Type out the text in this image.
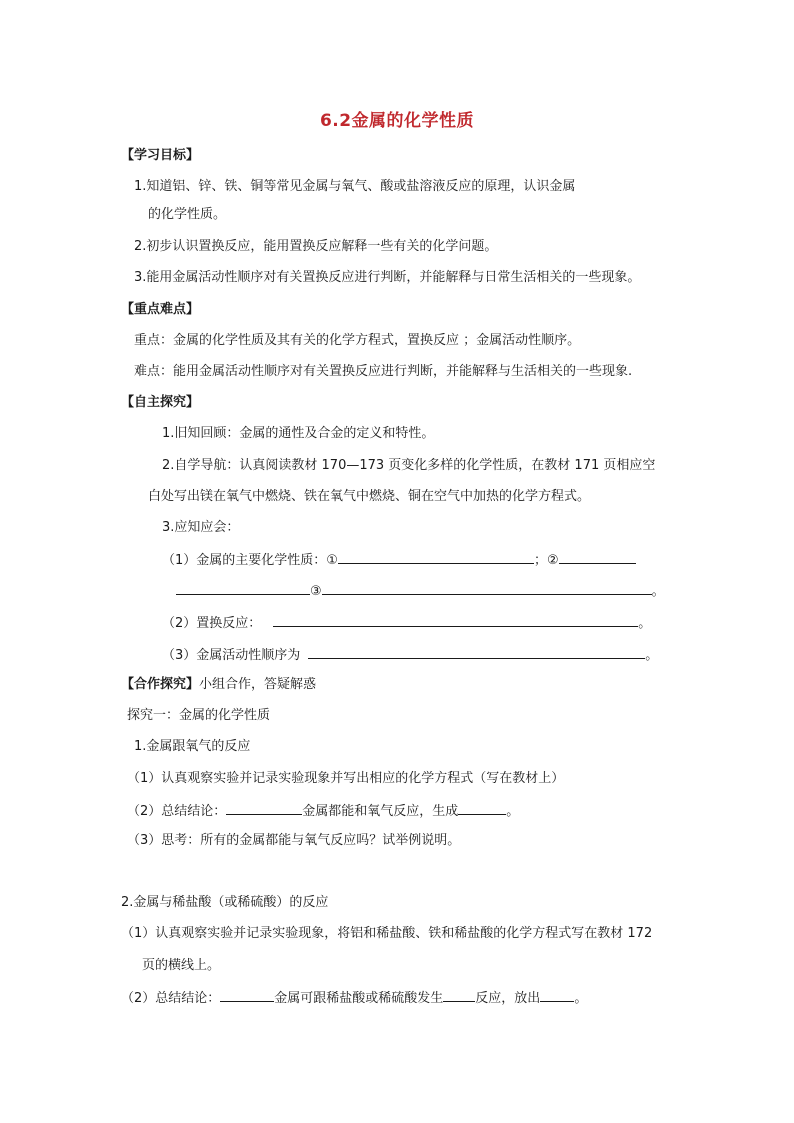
6.2金属的化学性质
【学习目标】
1.知道铝、锌、铁、铜等常见金属与氧气、酸或盐溶液反应的原理，认识金属
的化学性质。
2.初步认识置换反应，能用置换反应解释一些有关的化学问题。
3.能用金属活动性顺序对有关置换反应进行判断，并能解释与日常生活相关的一些现象。
【重点难点】
重点：金属的化学性质及其有关的化学方程式，置换反应 ；金属活动性顺序。
难点：能用金属活动性顺序对有关置换反应进行判断，并能解释与生活相关的一些现象.
【自主探究】
1.旧知回顾：金属的通性及合金的定义和特性。
2.自学导航：认真阅读教材 170—173 页变化多样的化学性质，在教材 171 页相应空
白处写出镁在氧气中燃烧、铁在氧气中燃烧、铜在空气中加热的化学方程式。
3.应知应会：
（1）金属的主要化学性质：①	；②
③	。
（2）置换反应：	。
（3）金属活动性顺序为	。
【合作探究】小组合作，答疑解惑
探究一：金属的化学性质
1.金属跟氧气的反应
（1）认真观察实验并记录实验现象并写出相应的化学方程式（写在教材上）
（2）总结结论：	金属都能和氧气反应，生成	。
（3）思考：所有的金属都能与氧气反应吗？试举例说明。
2.金属与稀盐酸（或稀硫酸）的反应
（1）认真观察实验并记录实验现象，将铝和稀盐酸、铁和稀盐酸的化学方程式写在教材 172
页的横线上。
（2）总结结论：	金属可跟稀盐酸或稀硫酸发生 反应，放出	。
